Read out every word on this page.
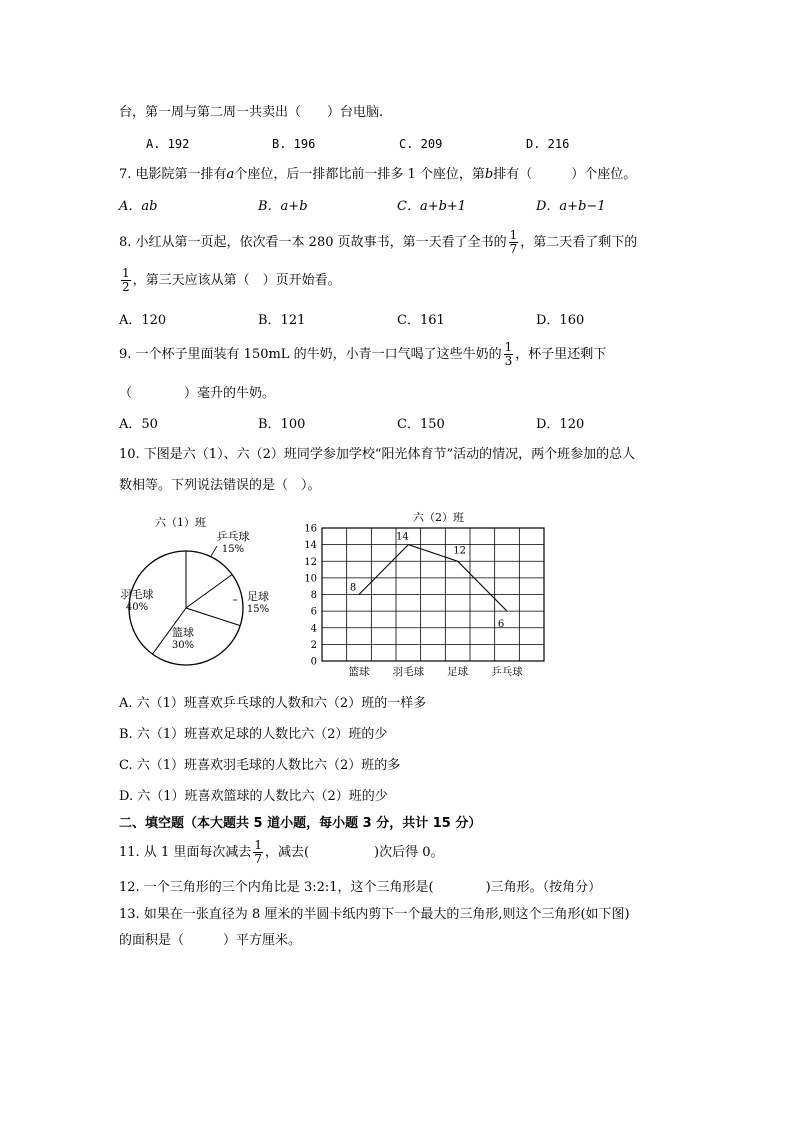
台，第一周与第二周一共卖出（　　）台电脑.
A. 192	B. 196	C. 209	D. 216
7. 电影院第一排有a个座位，后一排都比前一排多 1 个座位，第b排有（　　　）个座位。
A．ab	B．a+b	C．a+b+1	D．a+b−1
8. 小红从第一页起，依次看一本 280 页故事书，第一天看了全书的 $\frac{1}{7}$ ，第二天看了剩下的
$\frac{1}{2}$ ，第三天应该从第（　）页开始看。
A．120	B．121	C．161	D．160
9. 一个杯子里面装有 150mL 的牛奶，小青一口气喝了这些牛奶的 $\frac{1}{3}$ ，杯子里还剩下
（　　　　）毫升的牛奶。
A．50	B．100	C．150	D．120
10. 下图是六（1）、六（2）班同学参加学校“阳光体育节”活动的情况，两个班参加的总人
数相等。下列说法错误的是（　）。
六（1）班
乒乓球
15%
足球
15%
篮球
30%
羽毛球
40%
六（2）班
0
2
4
6
8
10
12
14
16
篮球 羽毛球 足球 乒乓球
8
14
12
6
A. 六（1）班喜欢乒乓球的人数和六（2）班的一样多
B. 六（1）班喜欢足球的人数比六（2）班的少
C. 六（1）班喜欢羽毛球的人数比六（2）班的多
D. 六（1）班喜欢篮球的人数比六（2）班的少
二、填空题（本大题共 5 道小题，每小题 3 分，共计 15 分）
11. 从 1 里面每次减去 $\frac{1}{7}$ ，减去(　　　　　)次后得 0。
12. 一个三角形的三个内角比是 3:2:1，这个三角形是(　　　　)三角形。（按角分）
13. 如果在一张直径为 8 厘米的半圆卡纸内剪下一个最大的三角形,则这个三角形(如下图)
的面积是（　　　）平方厘米。
